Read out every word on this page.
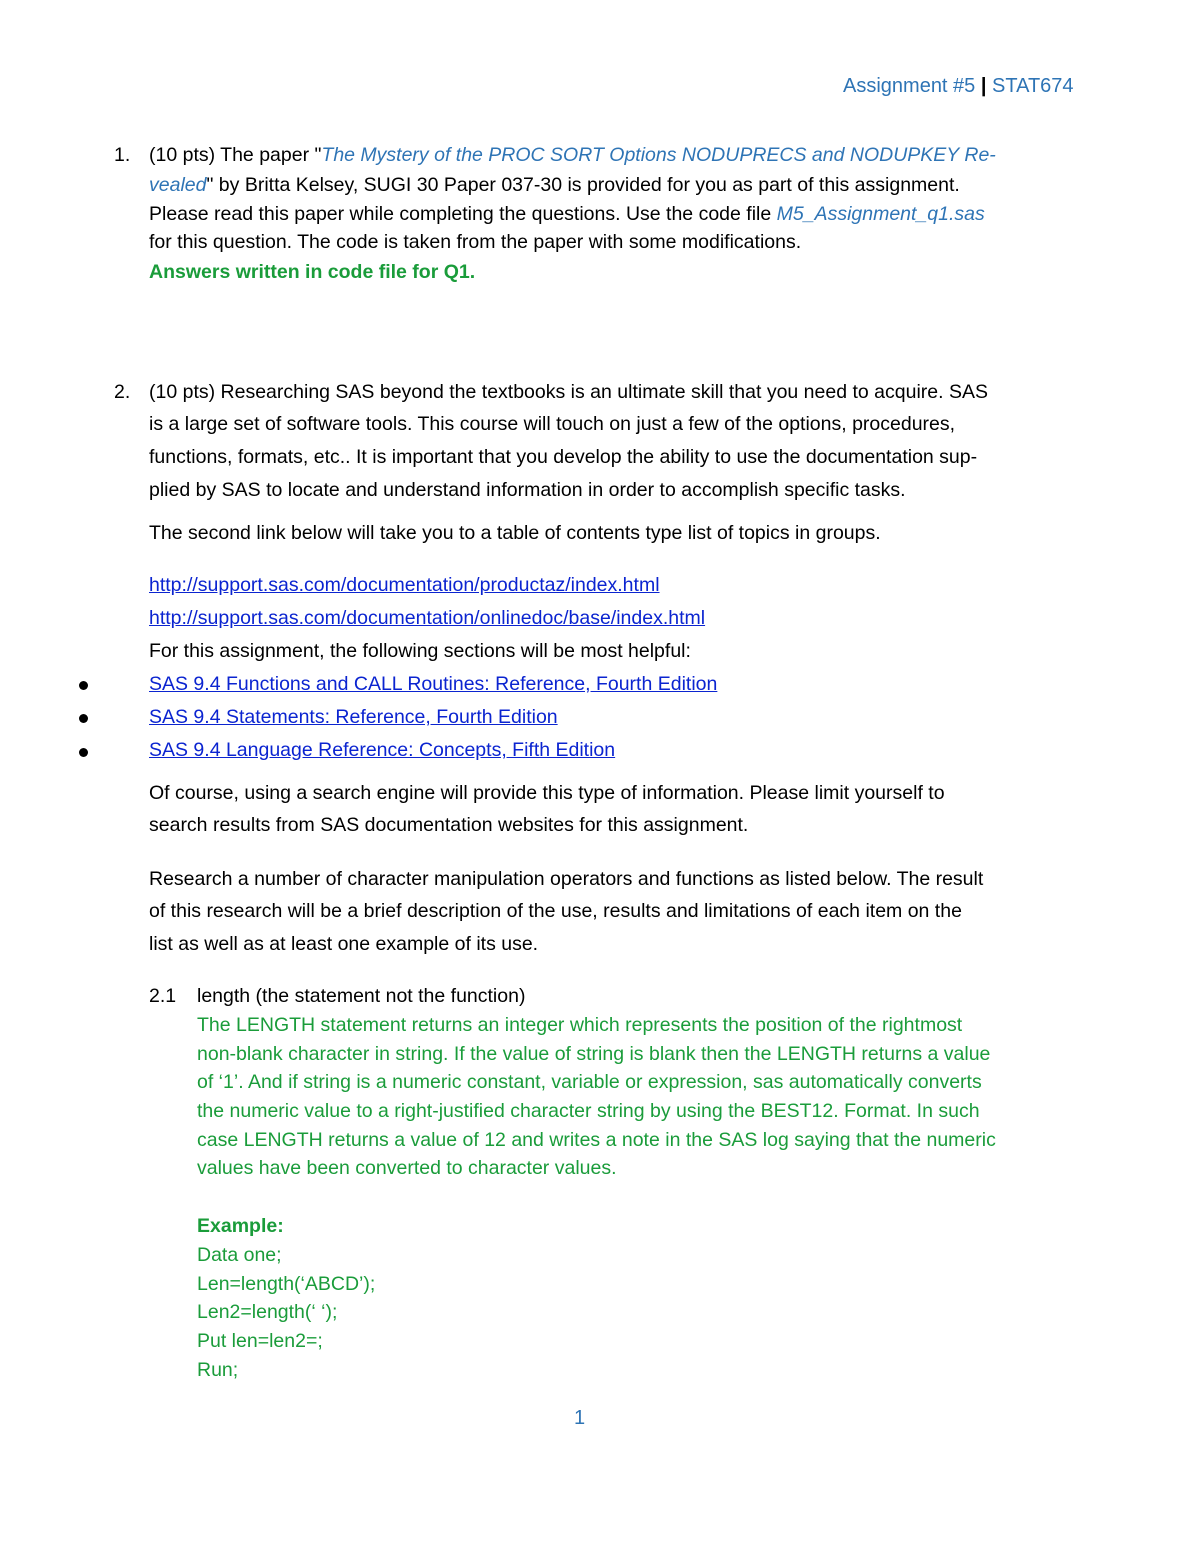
Assignment #5 | STAT674
1. (10 pts) The paper "The Mystery of the PROC SORT Options NODUPRECS and NODUPKEY Re-
vealed" by Britta Kelsey, SUGI 30 Paper 037-30 is provided for you as part of this assignment.
Please read this paper while completing the questions. Use the code file M5_Assignment_q1.sas
for this question. The code is taken from the paper with some modifications.
Answers written in code file for Q1.
2. (10 pts) Researching SAS beyond the textbooks is an ultimate skill that you need to acquire. SAS
is a large set of software tools. This course will touch on just a few of the options, procedures,
functions, formats, etc.. It is important that you develop the ability to use the documentation sup-
plied by SAS to locate and understand information in order to accomplish specific tasks.
The second link below will take you to a table of contents type list of topics in groups.
http://support.sas.com/documentation/productaz/index.html
http://support.sas.com/documentation/onlinedoc/base/index.html
For this assignment, the following sections will be most helpful:
SAS 9.4 Functions and CALL Routines: Reference, Fourth Edition
SAS 9.4 Statements: Reference, Fourth Edition
SAS 9.4 Language Reference: Concepts, Fifth Edition
Of course, using a search engine will provide this type of information. Please limit yourself to
search results from SAS documentation websites for this assignment.
Research a number of character manipulation operators and functions as listed below. The result
of this research will be a brief description of the use, results and limitations of each item on the
list as well as at least one example of its use.
2.1 length (the statement not the function)
The LENGTH statement returns an integer which represents the position of the rightmost
non-blank character in string. If the value of string is blank then the LENGTH returns a value
of ‘1’. And if string is a numeric constant, variable or expression, sas automatically converts
the numeric value to a right-justified character string by using the BEST12. Format. In such
case LENGTH returns a value of 12 and writes a note in the SAS log saying that the numeric
values have been converted to character values.
Example:
Data one;
Len=length(‘ABCD’);
Len2=length(‘ ‘);
Put len=len2=;
Run;
1
